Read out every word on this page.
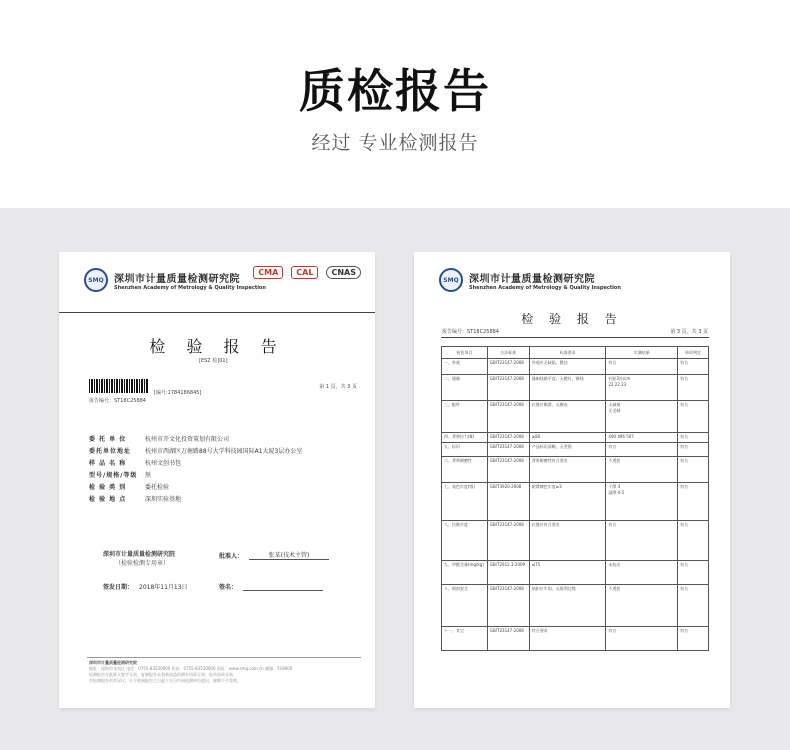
质检报告
经过 专业检测报告
SMQ	深圳市计量质量检测研究院
Shenzhen Academy of Metrology & Quality Inspection
CMA	CAL	CNAS
检 验 报 告
[ESZ 检]01]
[编号:1784186845]
第 1 页，共 3 页
报告编号：ST18C25884
委 托 单 位	杭州市开文化投资策划有限公司
委托单位地址	杭州市西湖区万塘路88号大学科技园国际A1大厦3层办公室
样 品 名 称	杭州文创书包
型号/规格/等级	無
检 验 类 别	委托检验
检 验 地 点	深圳实验基地
深圳市计量质量检测研究院
（检验检测专用章）
批准人：	张某(技术主管)
签发日期： 2018年11月13日	签名：

深圳市计量质量检测研究院
地址：深圳市龙岗区 电话：0755-83530000 传真：0755-83530000 网址：www.smq.com.cn 邮编：518000
检测报告无批准人签字无效，复制报告未重新加盖检测专用章无效；报告涂改无效。
对检测报告若有异议，应于收到报告之日起十五日内向检测单位提出，逾期不予受理。
SMQ	深圳市计量质量检测研究院
Shenzhen Academy of Metrology & Quality Inspection
检 验 报 告
报告编号：ST18C25884	第 3 页，共 3 页
检验项目	方法标准	标准要求	实测结果	单项判定
一、外观	GB/T23147-2008	外观应无缺陷，整洁	符合	符合
二、缝制	GB/T23147-2008	缝制线路平直，无跳针，断线	针距3针/cm
22 22 23	符合
三、配件	GB/T23147-2008	拉链应顺滑，无断齿	无破损
无毛刺	符合
四、背带拉力(N)	GB/T23147-2008	≥80	490 496 507	符合
五、标识	GB/T23147-2008	产品标识清晰，无差错	符合	符合
六、背带耐磨性	GB/T23147-2008	背带耐磨性符合要求	不透底	符合
七、染色牢度(级)	GB/T3920-2008	耐摩擦色牢度≥3	干摩 4
湿摩 4-5	符合
八、拉链牢度	GB/T23147-2008	拉链应符合要求	符合	符合
九、甲醛含量(mg/kg)	GB/T2912.1-2009	≤75	未检出	符合
十、锁扣安全	GB/T23147-2008	锁扣应牢固，无锐利边缘	不透底	符合
十一、其它	GB/T23147-2008	符合要求	符合	符合
